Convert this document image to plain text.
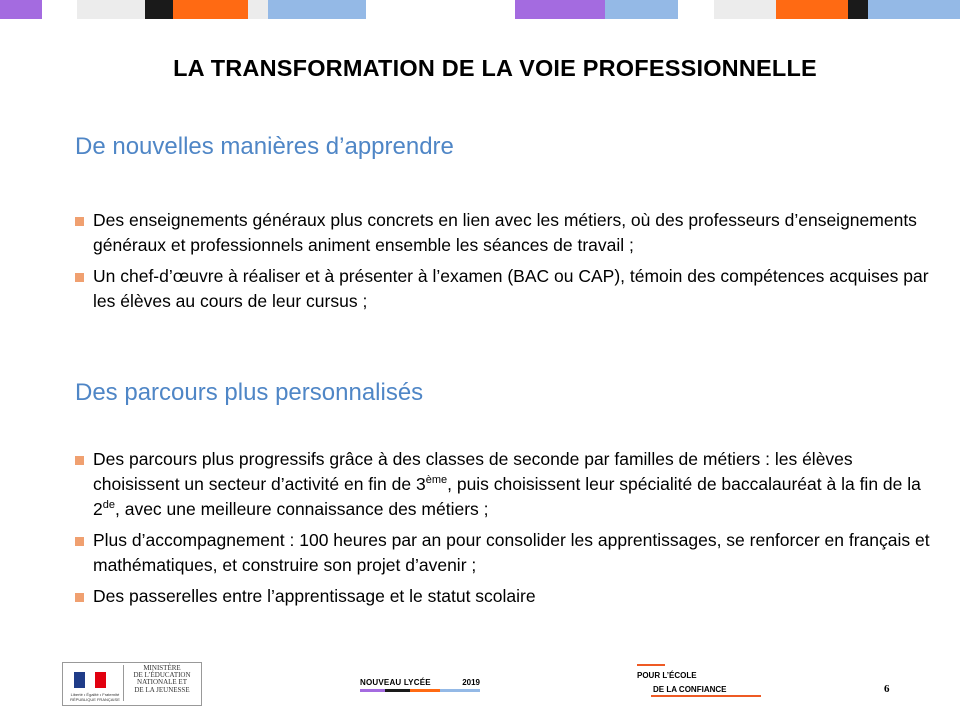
LA TRANSFORMATION DE LA VOIE PROFESSIONNELLE
De nouvelles manières d’apprendre
Des enseignements généraux plus concrets en lien avec les métiers, où des professeurs d’enseignements généraux et professionnels animent ensemble les séances de travail ;
Un chef-d’œuvre à réaliser et à présenter à l’examen (BAC ou CAP), témoin des compétences acquises par les élèves au cours de leur cursus ;
Des parcours plus personnalisés
Des parcours plus progressifs grâce à des classes de seconde par familles de métiers : les élèves choisissent un secteur d’activité en fin de 3ème, puis choisissent leur spécialité de baccalauréat à la fin de la 2de, avec une meilleure connaissance des métiers ;
Plus d’accompagnement : 100 heures par an pour consolider les apprentissages, se renforcer en français et mathématiques, et construire son projet d’avenir ;
Des passerelles entre l’apprentissage et le statut scolaire
Liberté • Égalité • Fraternité RÉPUBLIQUE FRANÇAISE
MINISTÈRE
DE L’ÉDUCATION
NATIONALE ET
DE LA JEUNESSE
NOUVEAU LYCÉE	2019
POUR L’ÉCOLE
DE LA CONFIANCE	6
